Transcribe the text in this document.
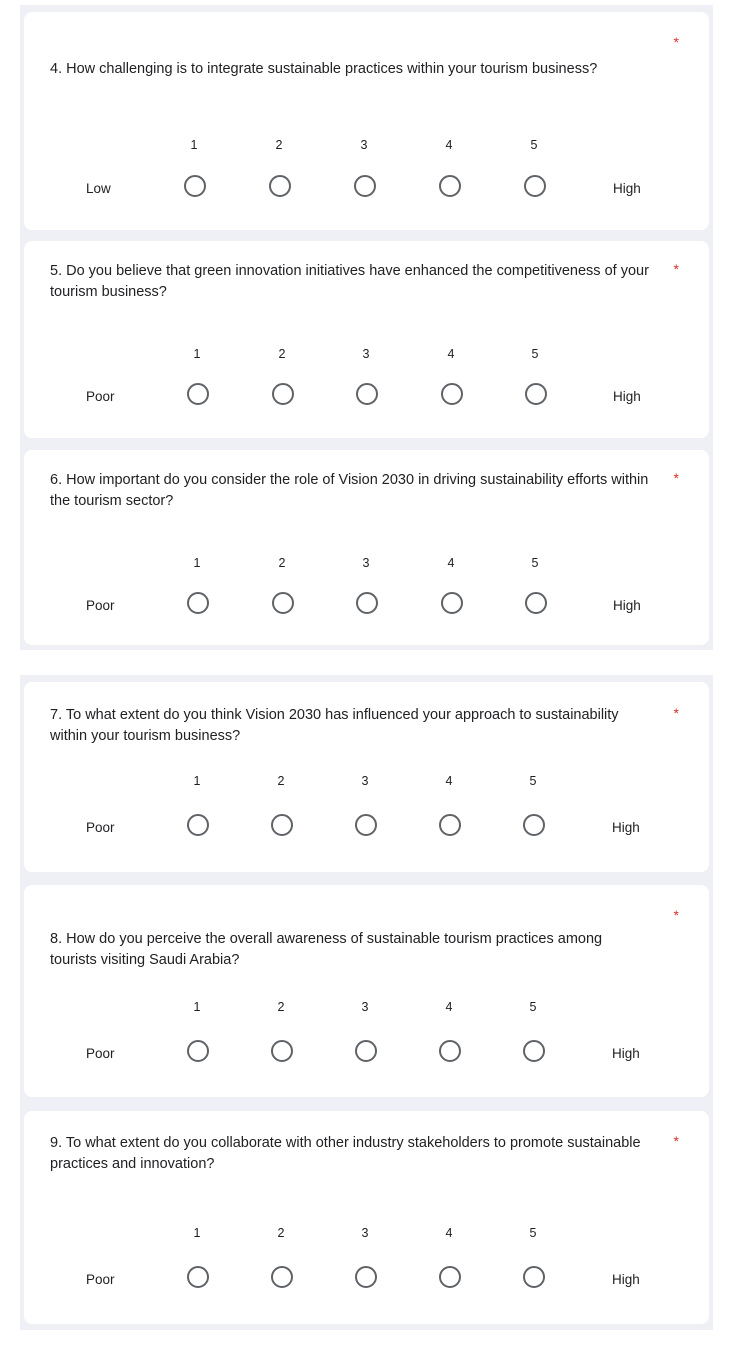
*

4. How challenging is to integrate sustainable practices within your tourism business?

1	2	3	4	5
Low	High
*

5. Do you believe that green innovation initiatives have enhanced the competitiveness of your tourism business?

1	2	3	4	5
Poor	High
*

6. How important do you consider the role of Vision 2030 in driving sustainability efforts within the tourism sector?

1	2	3	4	5
Poor	High
*

7. To what extent do you think Vision 2030 has influenced your approach to sustainability within your tourism business?

1	2	3	4	5
Poor	High
*

8. How do you perceive the overall awareness of sustainable tourism practices among tourists visiting Saudi Arabia?

1	2	3	4	5
Poor	High
*

9. To what extent do you collaborate with other industry stakeholders to promote sustainable practices and innovation?

1	2	3	4	5
Poor	High
